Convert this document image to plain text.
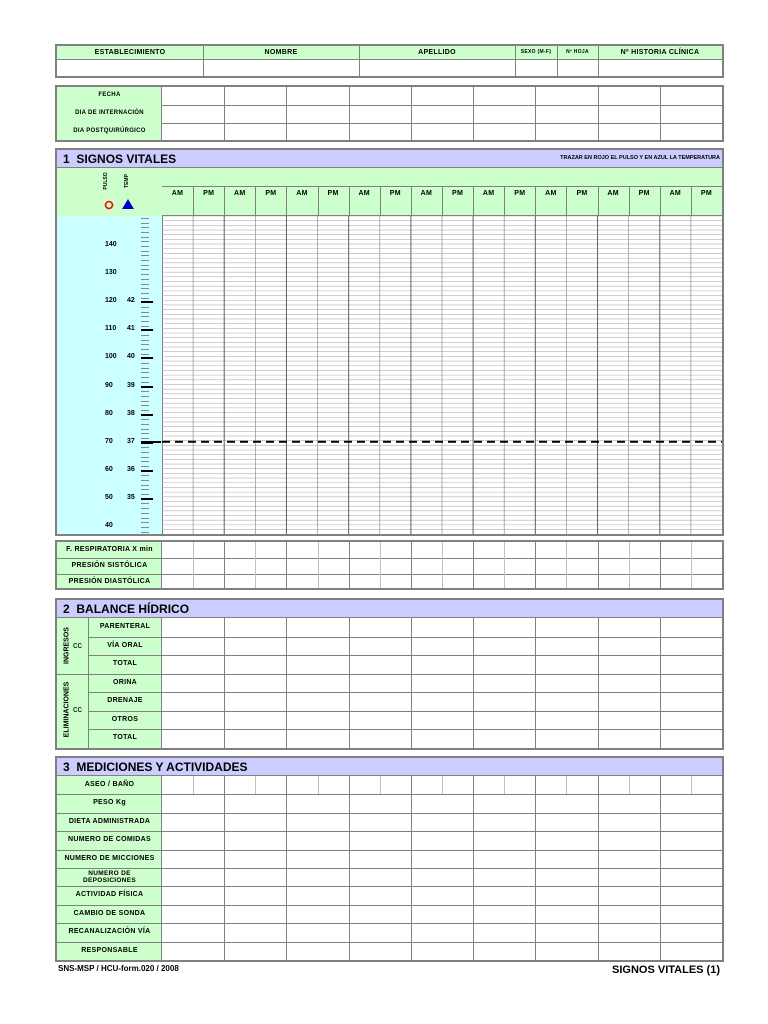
ESTABLECIMIENTO	NOMBRE	APELLIDO	SEXO (M-F)	Nº HOJA	Nº HISTORIA CLÍNICA
FECHA
DIA DE INTERNACIÓN
DIA POSTQUIRÚRGICO
1 SIGNOS VITALES	TRAZAR EN ROJO EL PULSO Y EN AZUL LA TEMPERATURA
PULSO	TEMP
140
130
120 42
110 41
100 40
90 39
80 38
70 37
60 36
50 35
40
AM	PM	AM	PM	AM	PM	AM	PM	AM	PM	AM	PM	AM	PM	AM	PM	AM	PM
F. RESPIRATORIA X min
PRESIÓN SISTÓLICA
PRESIÓN DIASTÓLICA
2 BALANCE HÍDRICO
INGRESOS cc
ELIMINACIONES cc
PARENTERAL
VÍA ORAL
TOTAL
ORINA
DRENAJE
OTROS
TOTAL
3 MEDICIONES Y ACTIVIDADES
ASEO / BAÑO
PESO Kg
DIETA ADMINISTRADA
NUMERO DE COMIDAS
NUMERO DE MICCIONES
NUMERO DE DEPOSICIONES
ACTIVIDAD FÍSICA
CAMBIO DE SONDA
RECANALIZACIÓN VÍA
RESPONSABLE
SNS-MSP / HCU-form.020 / 2008	SIGNOS VITALES (1)
